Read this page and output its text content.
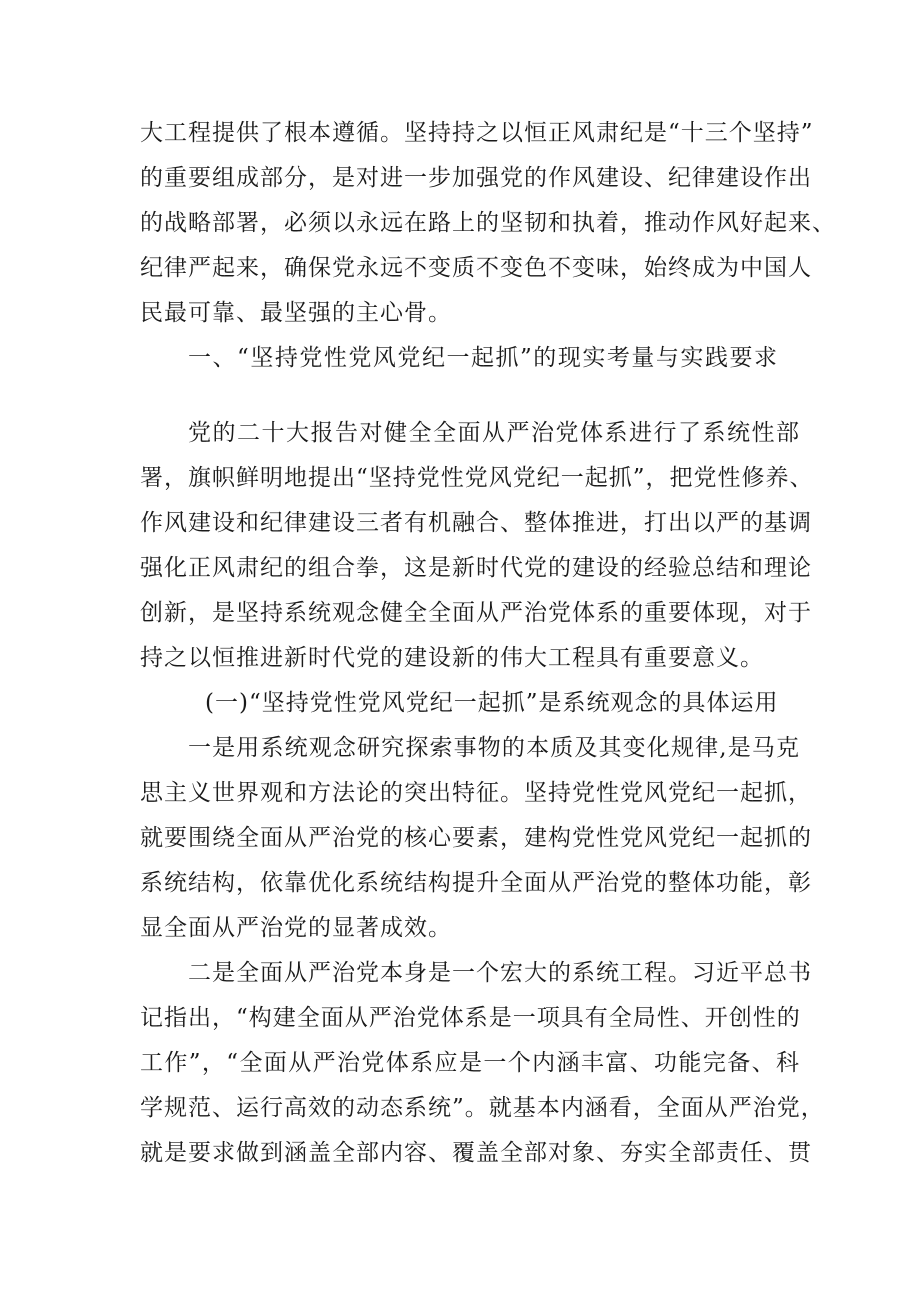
大工程提供了根本遵循。坚持持之以恒正风肃纪是“十三个坚持”
的重要组成部分，是对进一步加强党的作风建设、纪律建设作出
的战略部署，必须以永远在路上的坚韧和执着，推动作风好起来、
纪律严起来，确保党永远不变质不变色不变味，始终成为中国人
民最可靠、最坚强的主心骨。
一、“坚持党性党风党纪一起抓”的现实考量与实践要求
党的二十大报告对健全全面从严治党体系进行了系统性部
署，旗帜鲜明地提出“坚持党性党风党纪一起抓”，把党性修养、
作风建设和纪律建设三者有机融合、整体推进，打出以严的基调
强化正风肃纪的组合拳，这是新时代党的建设的经验总结和理论
创新，是坚持系统观念健全全面从严治党体系的重要体现，对于
持之以恒推进新时代党的建设新的伟大工程具有重要意义。
(一)“坚持党性党风党纪一起抓”是系统观念的具体运用
一是用系统观念研究探索事物的本质及其变化规律,是马克
思主义世界观和方法论的突出特征。坚持党性党风党纪一起抓，
就要围绕全面从严治党的核心要素，建构党性党风党纪一起抓的
系统结构，依靠优化系统结构提升全面从严治党的整体功能，彰
显全面从严治党的显著成效。
二是全面从严治党本身是一个宏大的系统工程。习近平总书
记指出，“构建全面从严治党体系是一项具有全局性、开创性的
工作”，“全面从严治党体系应是一个内涵丰富、功能完备、科
学规范、运行高效的动态系统”。就基本内涵看，全面从严治党，
就是要求做到涵盖全部内容、覆盖全部对象、夯实全部责任、贯
